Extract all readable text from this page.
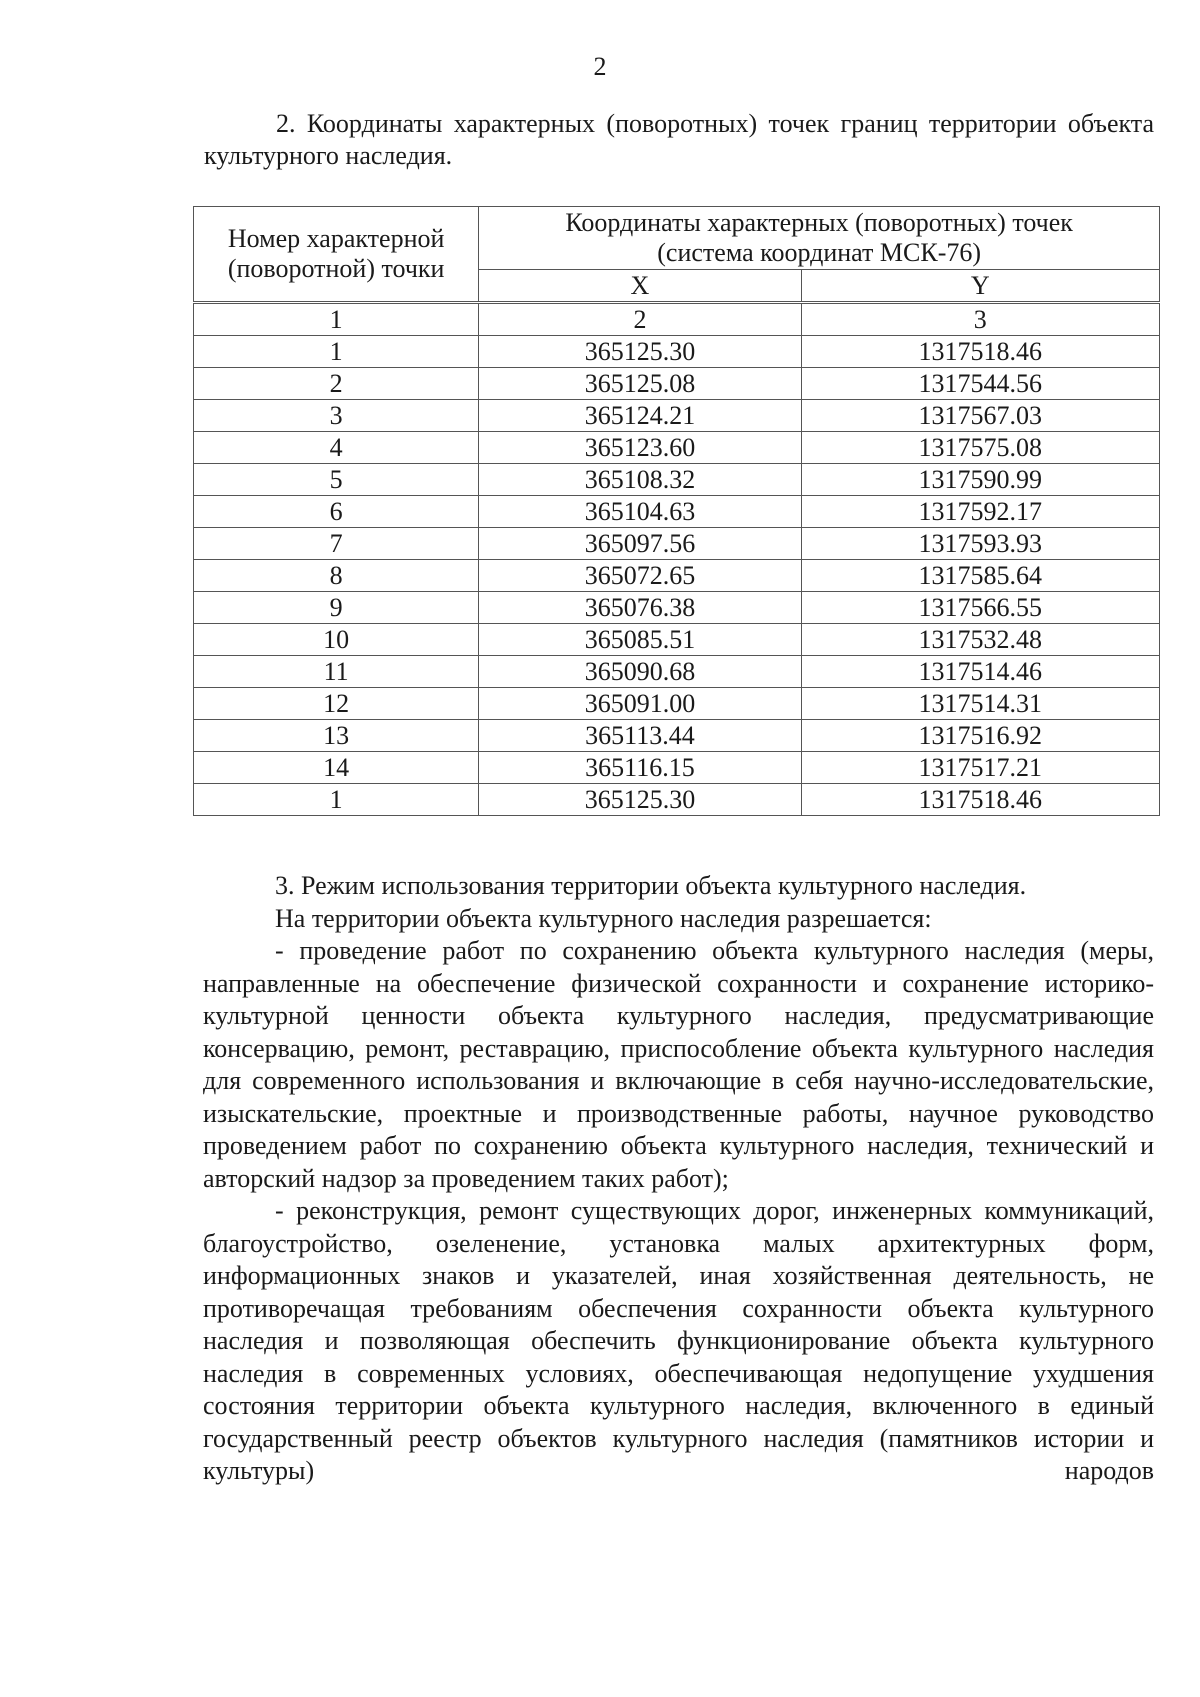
2
2. Координаты характерных (поворотных) точек границ территории объекта культурного наследия.
Номер характерной (поворотной) точки	Координаты характерных (поворотных) точек (система координат МСК-76)	
	X	Y
1	2	3
1	365125.30	1317518.46
2	365125.08	1317544.56
3	365124.21	1317567.03
4	365123.60	1317575.08
5	365108.32	1317590.99
6	365104.63	1317592.17
7	365097.56	1317593.93
8	365072.65	1317585.64
9	365076.38	1317566.55
10	365085.51	1317532.48
11	365090.68	1317514.46
12	365091.00	1317514.31
13	365113.44	1317516.92
14	365116.15	1317517.21
1	365125.30	1317518.46

3. Режим использования территории объекта культурного наследия.

На территории объекта культурного наследия разрешается:

- проведение работ по сохранению объекта культурного наследия (меры, направленные на обеспечение физической сохранности и сохранение историко-культурной ценности объекта культурного наследия, предусматривающие консервацию, ремонт, реставрацию, приспособление объекта культурного наследия для современного использования и включающие в себя научно-исследовательские, изыскательские, проектные и производственные работы, научное руководство проведением работ по сохранению объекта культурного наследия, технический и авторский надзор за проведением таких работ);

- реконструкция, ремонт существующих дорог, инженерных коммуникаций, благоустройство, озеленение, установка малых архитектурных форм, информационных знаков и указателей, иная хозяйственная деятельность, не противоречащая требованиям обеспечения сохранности объекта культурного наследия и позволяющая обеспечить функционирование объекта культурного наследия в современных условиях, обеспечивающая недопущение ухудшения состояния территории объекта культурного наследия, включенного в единый государственный реестр объектов культурного наследия (памятников истории и культуры) народов
